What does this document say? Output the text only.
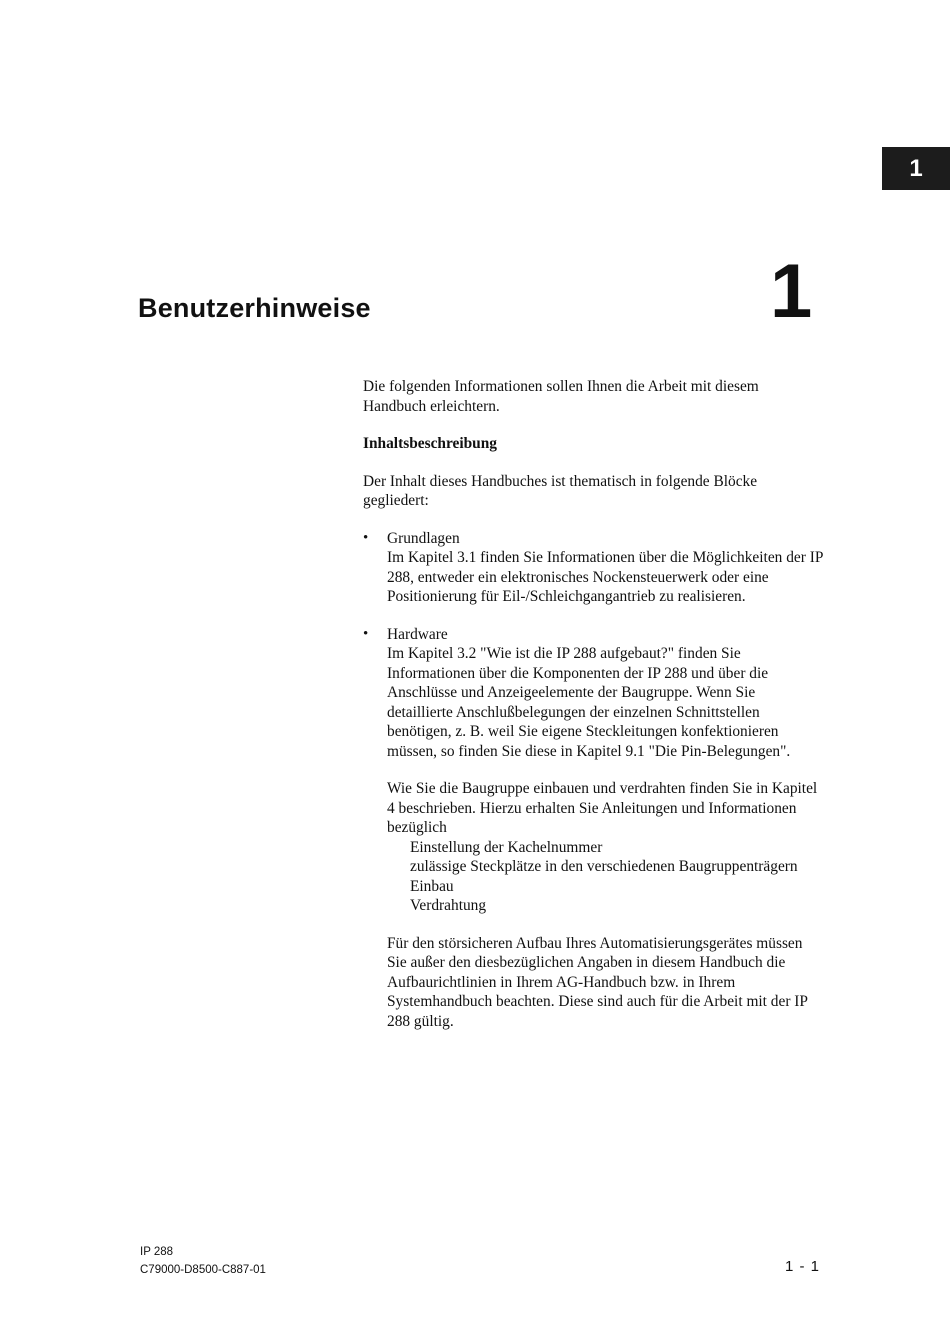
1
Benutzerhinweise	1

Die folgenden Informationen sollen Ihnen die Arbeit mit diesem Handbuch erleichtern.

Inhaltsbeschreibung

Der Inhalt dieses Handbuches ist thematisch in folgende Blöcke gegliedert:

•	Grundlagen

Im Kapitel 3.1 finden Sie Informationen über die Möglichkeiten der IP 288, entweder ein elektronisches Nockensteuerwerk oder eine Positionierung für Eil-/Schleichgangantrieb zu realisieren.

•	Hardware

Im Kapitel 3.2 "Wie ist die IP 288 aufgebaut?" finden Sie Informationen über die Komponenten der IP 288 und über die Anschlüsse und Anzeigeelemente der Baugruppe. Wenn Sie detaillierte Anschlußbelegungen der einzelnen Schnittstellen benötigen, z. B. weil Sie eigene Steckleitungen konfektionieren müssen, so finden Sie diese in Kapitel 9.1 "Die Pin-Belegungen".

Wie Sie die Baugruppe einbauen und verdrahten finden Sie in Kapitel 4 beschrieben. Hierzu erhalten Sie Anleitungen und Informationen bezüglich

Einstellung der Kachelnummer
zulässige Steckplätze in den verschiedenen Baugruppenträgern
Einbau
Verdrahtung

Für den störsicheren Aufbau Ihres Automatisierungsgerätes müssen Sie außer den diesbezüglichen Angaben in diesem Handbuch die Aufbaurichtlinien in Ihrem AG-Handbuch bzw. in Ihrem Systemhandbuch beachten. Diese sind auch für die Arbeit mit der IP 288 gültig.

IP 288
C79000-D8500-C887-01	1 - 1
